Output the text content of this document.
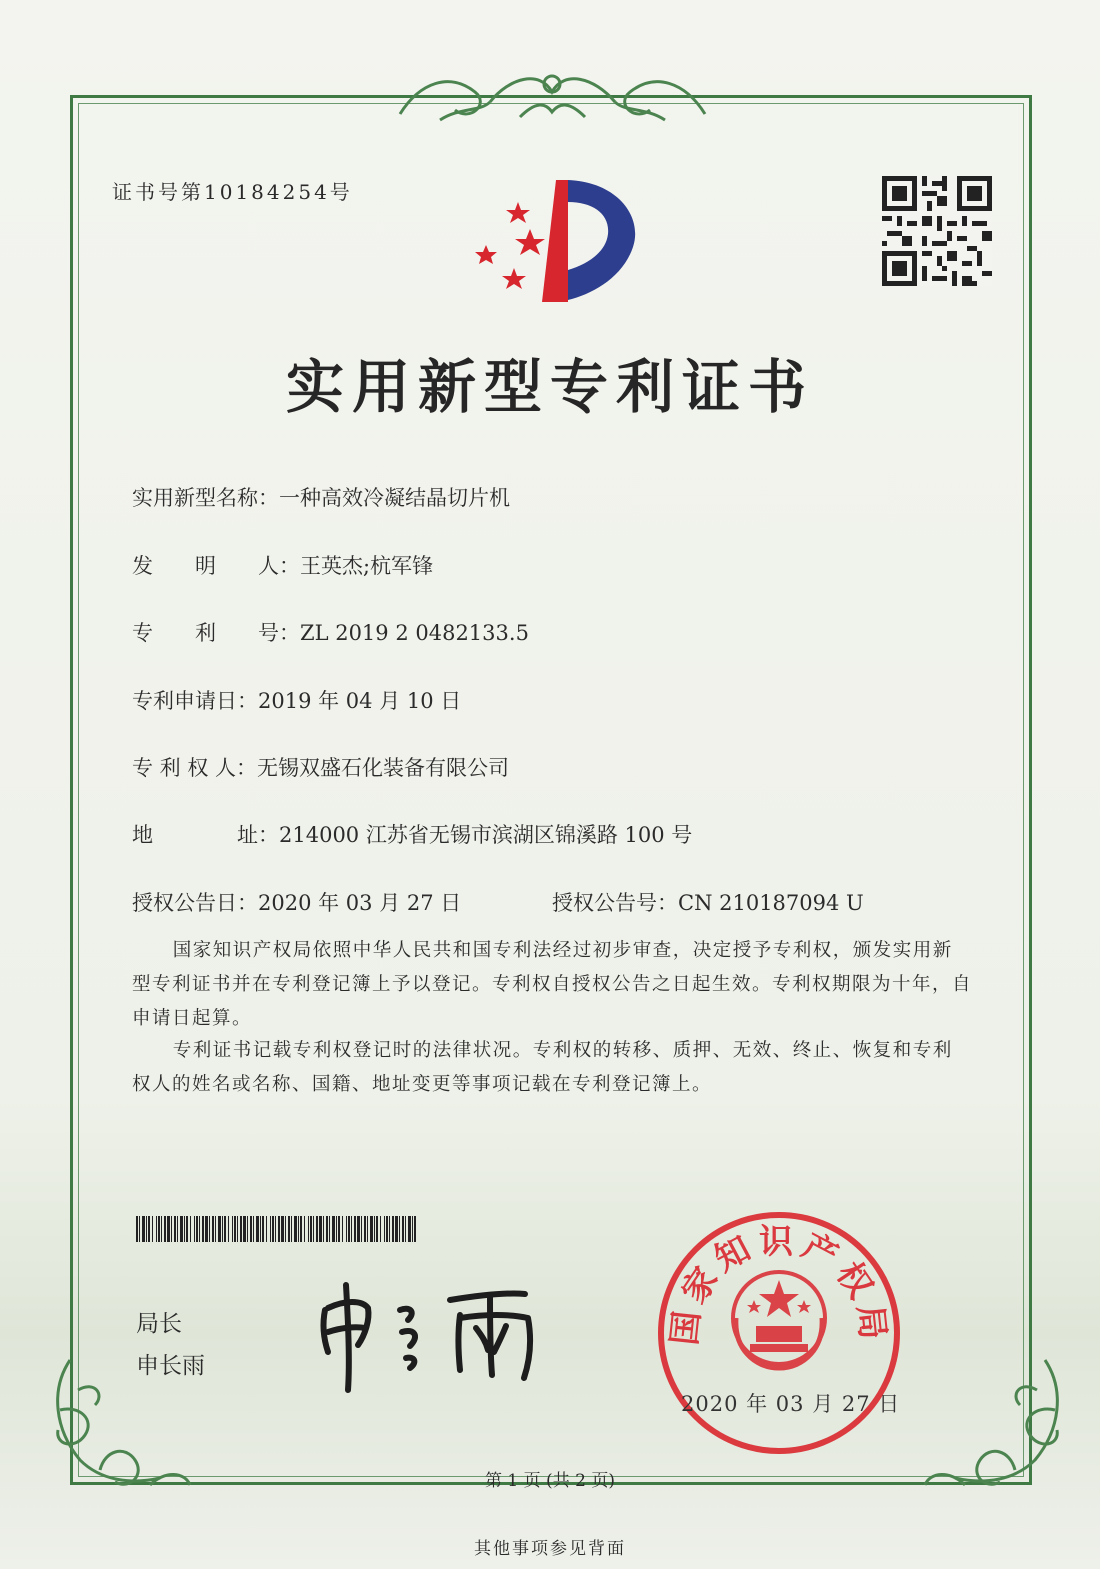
证书号第10184254号
实用新型专利证书
实用新型名称：一种高效冷凝结晶切片机
发　　明　　人：王英杰;杭军锋
专　　利　　号：ZL 2019 2 0482133.5
专利申请日：2019 年 04 月 10 日
专 利 权 人：无锡双盛石化装备有限公司
地　　　　址：214000 江苏省无锡市滨湖区锦溪路 100 号
授权公告日：2020 年 03 月 27 日	授权公告号：CN 210187094 U
国家知识产权局依照中华人民共和国专利法经过初步审查，决定授予专利权，颁发实用新型专利证书并在专利登记簿上予以登记。专利权自授权公告之日起生效。专利权期限为十年，自申请日起算。
专利证书记载专利权登记时的法律状况。专利权的转移、质押、无效、终止、恢复和专利权人的姓名或名称、国籍、地址变更等事项记载在专利登记簿上。
局长
申长雨
国家知识产权局
2020 年 03 月 27 日
第 1 页 (共 2 页)
其他事项参见背面
